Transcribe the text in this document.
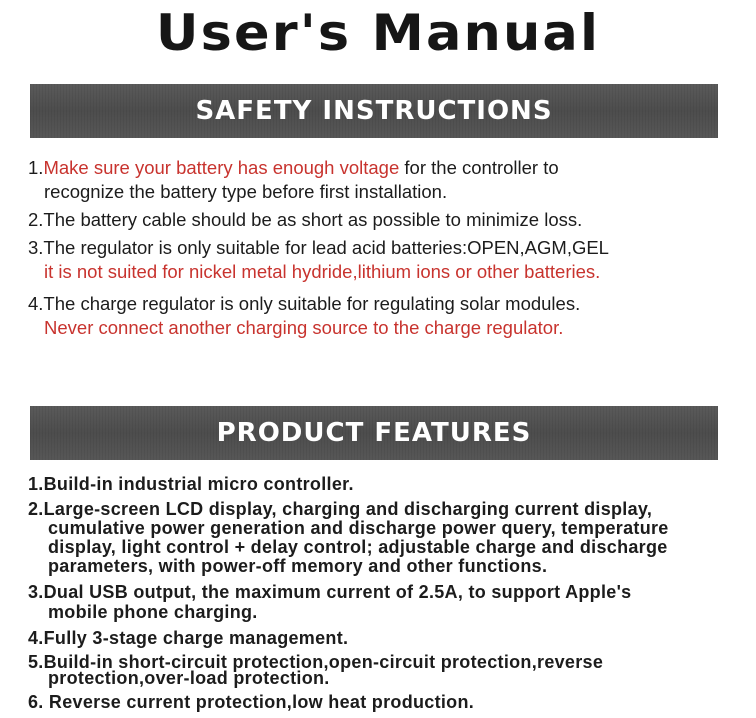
User's Manual
SAFETY INSTRUCTIONS
1.Make sure your battery has enough voltage for the controller to
recognize the battery type before first installation.
2.The battery cable should be as short as possible to minimize loss.
3.The regulator is only suitable for lead acid batteries:OPEN,AGM,GEL
it is not suited for nickel metal hydride,lithium ions or other batteries.
4.The charge regulator is only suitable for regulating solar modules.
Never connect another charging source to the charge regulator.
PRODUCT FEATURES
1.Build-in industrial micro controller.
2.Large-screen LCD display, charging and discharging current display,
cumulative power generation and discharge power query, temperature
display, light control + delay control; adjustable charge and discharge
parameters, with power-off memory and other functions.
3.Dual USB output, the maximum current of 2.5A, to support Apple's
mobile phone charging.
4.Fully 3-stage charge management.
5.Build-in short-circuit protection,open-circuit protection,reverse
protection,over-load protection.
6. Reverse current protection,low heat production.
